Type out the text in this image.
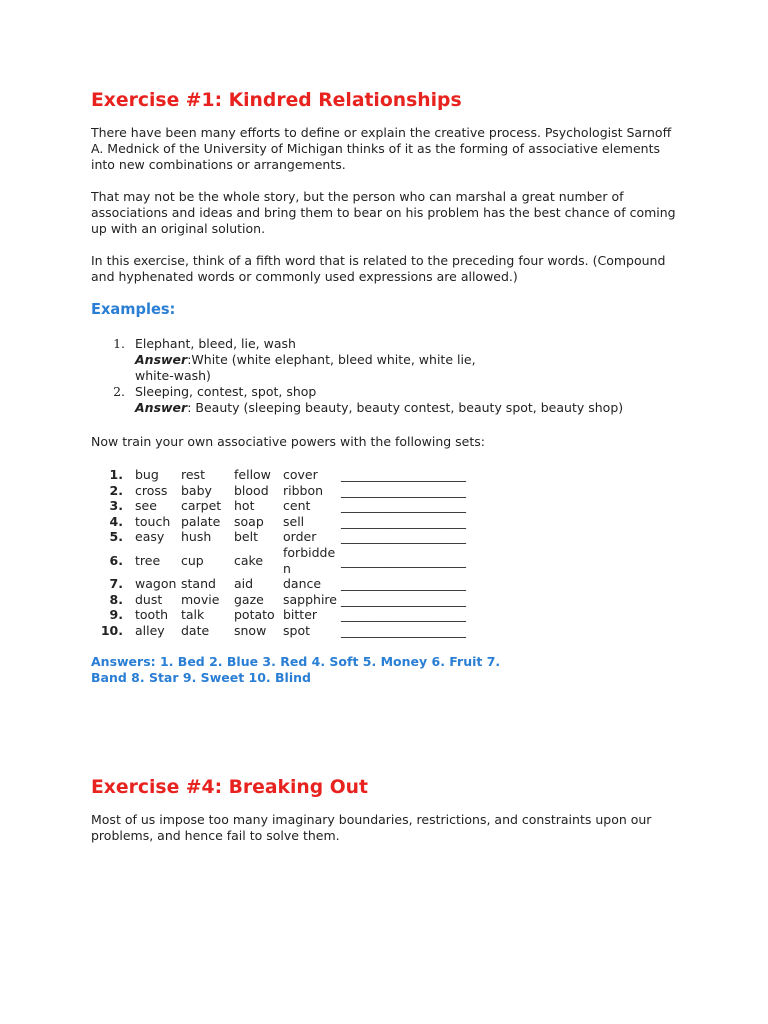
Exercise #1: Kindred Relationships

There have been many efforts to define or explain the creative process. Psychologist Sarnoff A. Mednick of the University of Michigan thinks of it as the forming of associative elements into new combinations or arrangements.

That may not be the whole story, but the person who can marshal a great number of associations and ideas and bring them to bear on his problem has the best chance of coming up with an original solution.

In this exercise, think of a fifth word that is related to the preceding four words. (Compound and hyphenated words or commonly used expressions are allowed.)

Examples:
1. Elephant, bleed, lie, wash
Answer:White (white elephant, bleed white, white lie, white-wash)
2. Sleeping, contest, spot, shop
Answer: Beauty (sleeping beauty, beauty contest, beauty spot, beauty shop)

Now train your own associative powers with the following sets:

1.	bug	rest	fellow	cover	____________________
2.	cross	baby	blood	ribbon	____________________
3.	see	carpet	hot	cent	____________________
4.	touch	palate	soap	sell	____________________
5.	easy	hush	belt	order	____________________
6.	tree	cup	cake	forbidden	____________________
7.	wagon	stand	aid	dance	____________________
8.	dust	movie	gaze	sapphire	____________________
9.	tooth	talk	potato	bitter	____________________
10.	alley	date	snow	spot	____________________

Answers: 1. Bed 2. Blue 3. Red 4. Soft 5. Money 6. Fruit 7. Band 8. Star 9. Sweet 10. Blind

Exercise #4: Breaking Out

Most of us impose too many imaginary boundaries, restrictions, and constraints upon our problems, and hence fail to solve them.
